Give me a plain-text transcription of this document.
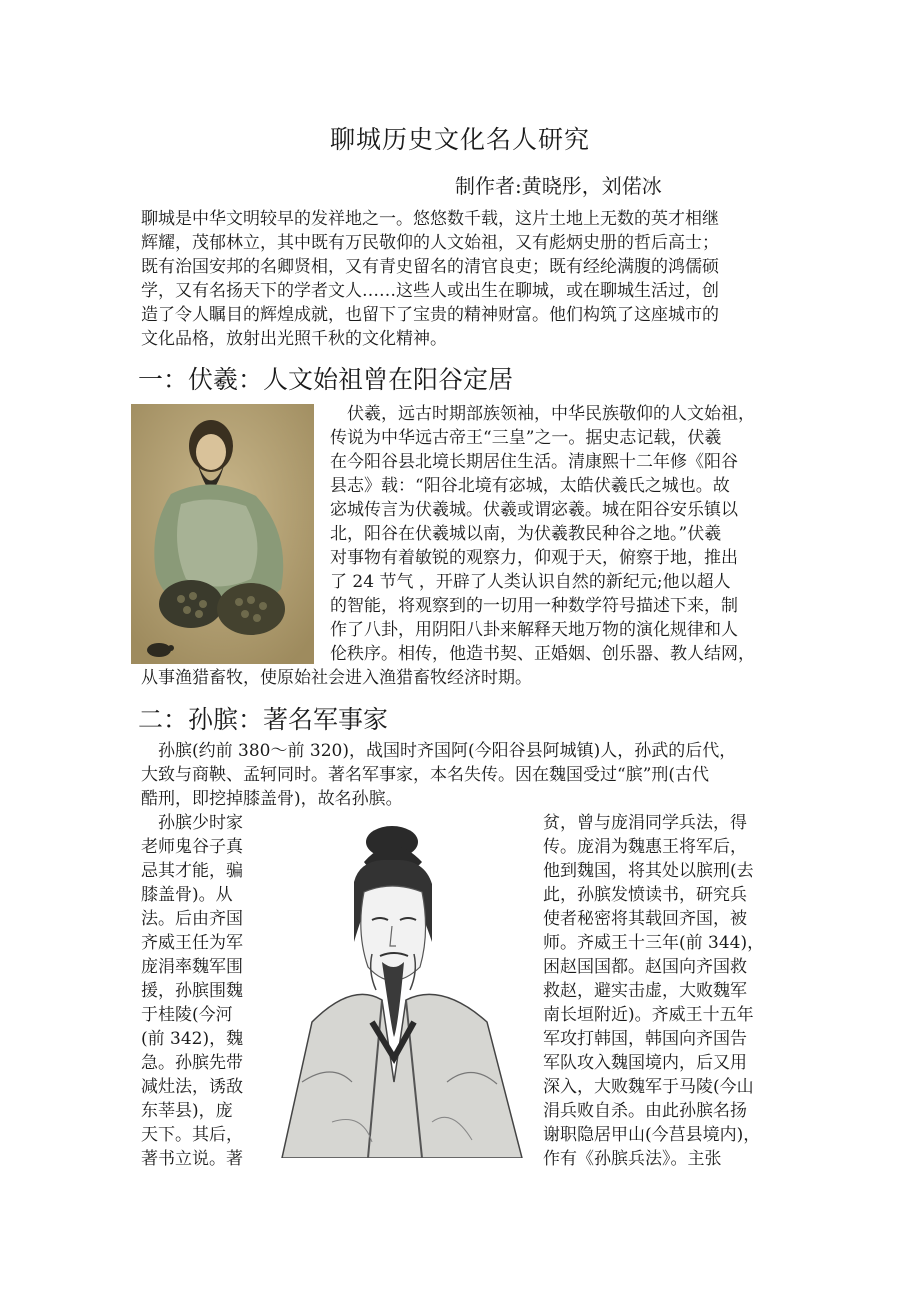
聊城历史文化名人研究
制作者:黄晓彤，刘偌冰
聊城是中华文明较早的发祥地之一。悠悠数千载，这片土地上无数的英才相继
辉耀，茂郁林立，其中既有万民敬仰的人文始祖，又有彪炳史册的哲后高士；
既有治国安邦的名卿贤相，又有青史留名的清官良吏；既有经纶满腹的鸿儒硕
学，又有名扬天下的学者文人……这些人或出生在聊城，或在聊城生活过，创
造了令人瞩目的辉煌成就，也留下了宝贵的精神财富。他们构筑了这座城市的
文化品格，放射出光照千秋的文化精神。
一：伏羲：人文始祖曾在阳谷定居
伏羲，远古时期部族领袖，中华民族敬仰的人文始祖，
传说为中华远古帝王“三皇”之一。据史志记载，伏羲
在今阳谷县北境长期居住生活。清康熙十二年修《阳谷
县志》载：“阳谷北境有宓城，太皓伏羲氏之城也。故
宓城传言为伏羲城。伏羲或谓宓羲。城在阳谷安乐镇以
北，阳谷在伏羲城以南，为伏羲教民种谷之地。”伏羲
对事物有着敏锐的观察力，仰观于天，俯察于地，推出
了 24 节气 ，开辟了人类认识自然的新纪元;他以超人
的智能，将观察到的一切用一种数学符号描述下来，制
作了八卦，用阴阳八卦来解释天地万物的演化规律和人
伦秩序。相传，他造书契、正婚姻、创乐器、教人结网，
从事渔猎畜牧，使原始社会进入渔猎畜牧经济时期。
二：孙膑：著名军事家
孙膑(约前 380～前 320)，战国时齐国阿(今阳谷县阿城镇)人，孙武的后代，
大致与商鞅、孟轲同时。著名军事家，本名失传。因在魏国受过“膑”刑(古代
酷刑，即挖掉膝盖骨)，故名孙膑。
孙膑少时家
老师鬼谷子真
忌其才能，骗
膝盖骨)。从
法。后由齐国
齐威王任为军
庞涓率魏军围
援，孙膑围魏
于桂陵(今河
(前 342)，魏
急。孙膑先带
减灶法，诱敌
东莘县)，庞
天下。其后，
著书立说。著
贫，曾与庞涓同学兵法，得
传。庞涓为魏惠王将军后，
他到魏国，将其处以膑刑(去
此，孙膑发愤读书，研究兵
使者秘密将其载回齐国，被
师。齐威王十三年(前 344)，
困赵国国都。赵国向齐国救
救赵，避实击虚，大败魏军
南长垣附近)。齐威王十五年
军攻打韩国，韩国向齐国告
军队攻入魏国境内，后又用
深入，大败魏军于马陵(今山
涓兵败自杀。由此孙膑名扬
谢职隐居甲山(今莒县境内)，
作有《孙膑兵法》。主张
